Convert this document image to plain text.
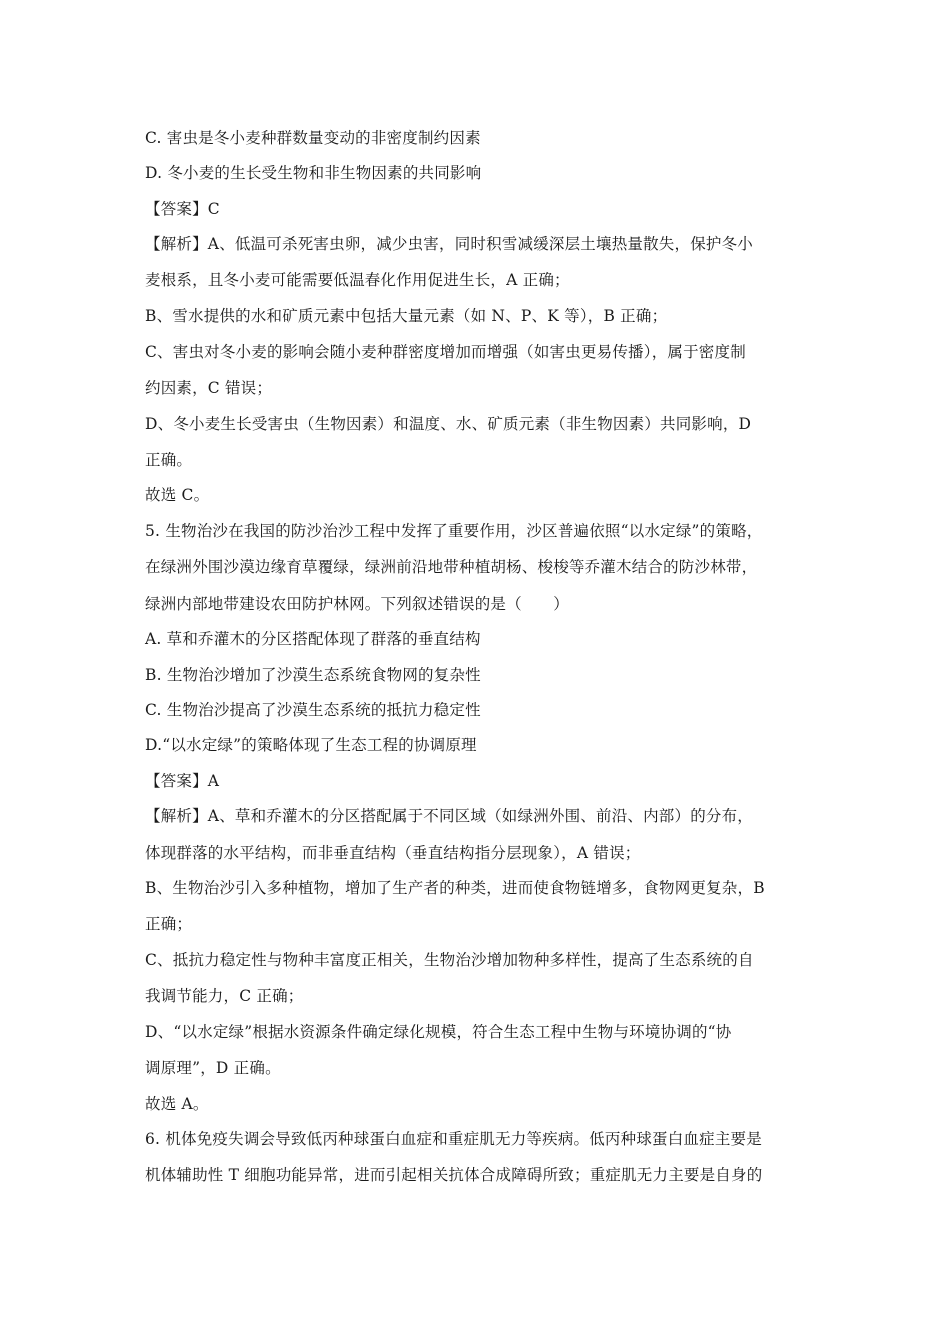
C. 害虫是冬小麦种群数量变动的非密度制约因素
D. 冬小麦的生长受生物和非生物因素的共同影响
【答案】C
【解析】A、低温可杀死害虫卵，减少虫害，同时积雪减缓深层土壤热量散失，保护冬小
麦根系，且冬小麦可能需要低温春化作用促进生长，A 正确；
B、雪水提供的水和矿质元素中包括大量元素（如 N、P、K 等），B 正确；
C、害虫对冬小麦的影响会随小麦种群密度增加而增强（如害虫更易传播），属于密度制
约因素，C 错误；
D、冬小麦生长受害虫（生物因素）和温度、水、矿质元素（非生物因素）共同影响，D
正确。
故选 C。
5. 生物治沙在我国的防沙治沙工程中发挥了重要作用，沙区普遍依照“以水定绿”的策略，
在绿洲外围沙漠边缘育草覆绿，绿洲前沿地带种植胡杨、梭梭等乔灌木结合的防沙林带，
绿洲内部地带建设农田防护林网。下列叙述错误的是（　　）
A. 草和乔灌木的分区搭配体现了群落的垂直结构
B. 生物治沙增加了沙漠生态系统食物网的复杂性
C. 生物治沙提高了沙漠生态系统的抵抗力稳定性
D.“以水定绿”的策略体现了生态工程的协调原理
【答案】A
【解析】A、草和乔灌木的分区搭配属于不同区域（如绿洲外围、前沿、内部）的分布，
体现群落的水平结构，而非垂直结构（垂直结构指分层现象），A 错误；
B、生物治沙引入多种植物，增加了生产者的种类，进而使食物链增多，食物网更复杂，B
正确；
C、抵抗力稳定性与物种丰富度正相关，生物治沙增加物种多样性，提高了生态系统的自
我调节能力，C 正确；
D、“以水定绿”根据水资源条件确定绿化规模，符合生态工程中生物与环境协调的“协
调原理”，D 正确。
故选 A。
6. 机体免疫失调会导致低丙种球蛋白血症和重症肌无力等疾病。低丙种球蛋白血症主要是
机体辅助性 T 细胞功能异常，进而引起相关抗体合成障碍所致；重症肌无力主要是自身的
